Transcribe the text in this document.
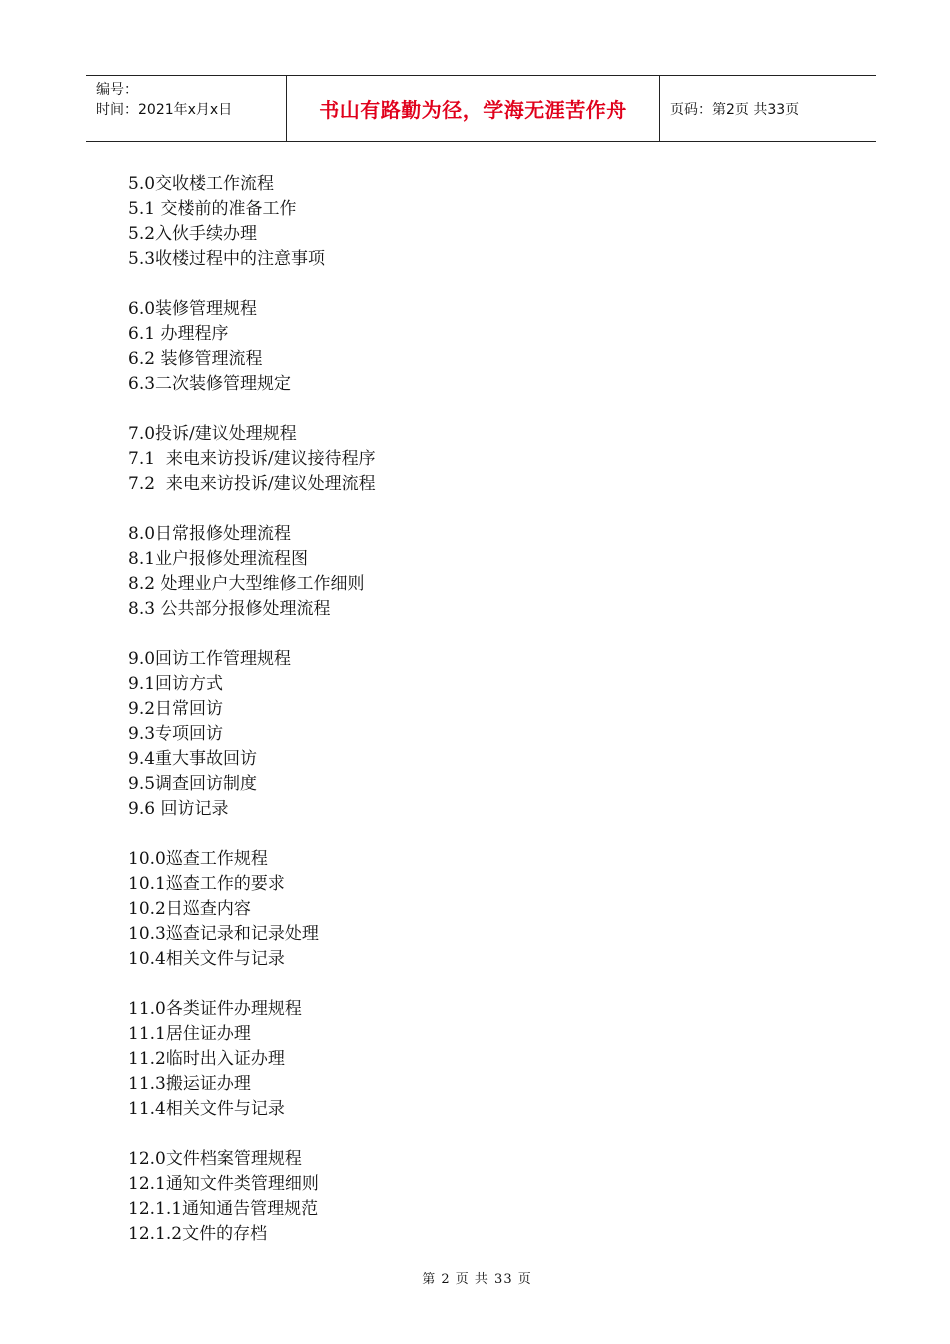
编号：
时间：2021年x月x日	书山有路勤为径，学海无涯苦作舟	页码：第2页 共33页
5.0交收楼工作流程
5.1 交楼前的准备工作
5.2入伙手续办理
5.3收楼过程中的注意事项
6.0装修管理规程
6.1 办理程序
6.2 装修管理流程
6.3二次装修管理规定
7.0投诉/建议处理规程
7.1  来电来访投诉/建议接待程序
7.2  来电来访投诉/建议处理流程
8.0日常报修处理流程
8.1业户报修处理流程图
8.2 处理业户大型维修工作细则
8.3 公共部分报修处理流程
9.0回访工作管理规程
9.1回访方式
9.2日常回访
9.3专项回访
9.4重大事故回访
9.5调查回访制度
9.6 回访记录
10.0巡查工作规程
10.1巡查工作的要求
10.2日巡查内容
10.3巡查记录和记录处理
10.4相关文件与记录
11.0各类证件办理规程
11.1居住证办理
11.2临时出入证办理
11.3搬运证办理
11.4相关文件与记录
12.0文件档案管理规程
12.1通知文件类管理细则
12.1.1通知通告管理规范
12.1.2文件的存档
第 2 页 共 33 页
